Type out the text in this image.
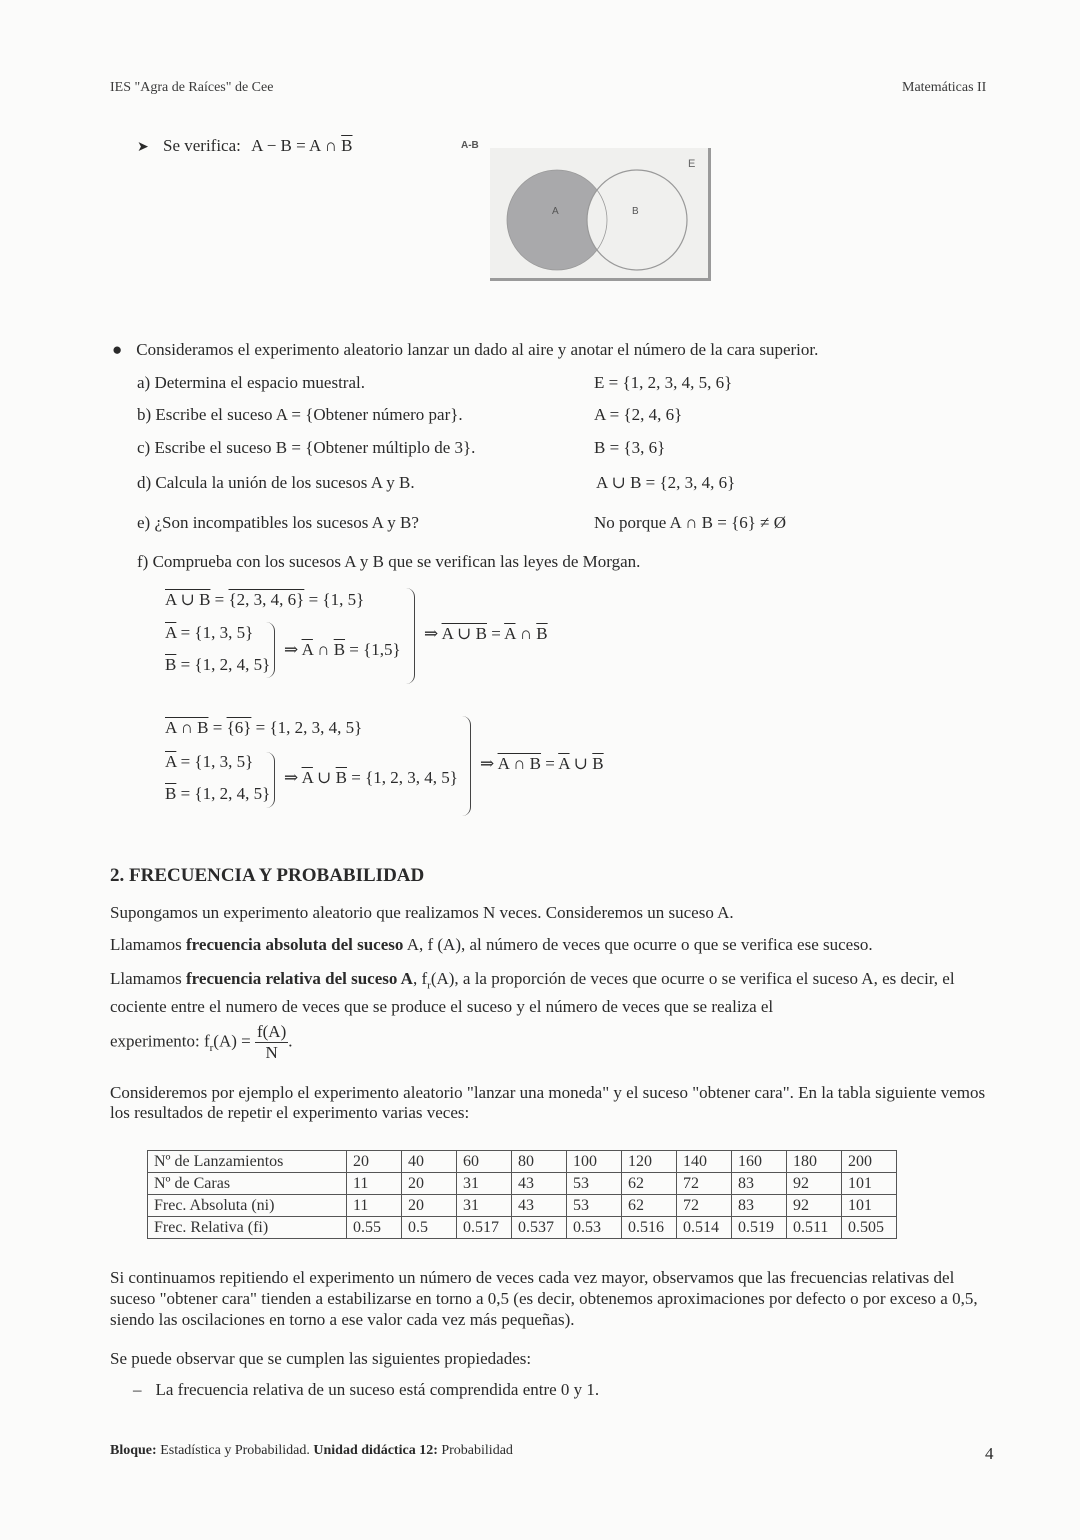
IES "Agra de Raíces" de Cee	Matemáticas II
➤ Se verifica: A − B = A ∩ $\overline{B}$	A-B
A	B
E
● Consideramos el experimento aleatorio lanzar un dado al aire y anotar el número de la cara superior.
a) Determina el espacio muestral.	E = {1, 2, 3, 4, 5, 6}
b) Escribe el suceso A = {Obtener número par}.	A = {2, 4, 6}
c) Escribe el suceso B = {Obtener múltiplo de 3}.	B = {3, 6}
d) Calcula la unión de los sucesos A y B.	A ∪ B = {2, 3, 4, 6}
e) ¿Son incompatibles los sucesos A y B?	No porque A ∩ B = {6} ≠ Ø
f) Comprueba con los sucesos A y B que se verifican las leyes de Morgan.
A ∪ B = {2, 3, 4, 6} = {1, 5}
$\overline{A} = \{1$, 3, 5}
$\overline{B} = \{1$, 2, 4, 5}
⇒ $\overline{A}$ ∩ $\overline{B} = \{1,5\}$
⇒ A ∪ $B = \overline{A}$ ∩ $\overline{B}$
A ∩ B = {6} = {1, 2, 3, 4, 5}
$\overline{A} = \{1$, 3, 5}
$\overline{B} = \{1$, 2, 4, 5}
⇒ $\overline{A}$ ∪ $\overline{B} = \{1$, 2, 3, 4, 5}
⇒ A ∩ $B = \overline{A}$ ∪ $\overline{B}$
2. FRECUENCIA Y PROBABILIDAD
Supongamos un experimento aleatorio que realizamos N veces. Consideremos un suceso A.
Llamamos frecuencia absoluta del suceso A, f (A), al número de veces que ocurre o que se verifica ese suceso.
Llamamos frecuencia relativa del suceso A, $f_r(A)$, a la proporción de veces que ocurre o se verifica el suceso A, es decir, el cociente entre el numero de veces que se produce el suceso y el número de veces que se realiza el
experimento: $f_r(A) = \frac{f(A)}{N}$ .
Consideremos por ejemplo el experimento aleatorio "lanzar una moneda" y el suceso "obtener cara". En la tabla siguiente vemos los resultados de repetir el experimento varias veces:
Nº de Lanzamientos	20	40	60	80	100	120	140	160	180	200
Nº de Caras	11	20	31	43	53	62	72	83	92	101
Frec. Absoluta (ni)	11	20	31	43	53	62	72	83	92	101
Frec. Relativa (fi)	0.55	0.5	0.517	0.537	0.53	0.516	0.514	0.519	0.511	0.505
Si continuamos repitiendo el experimento un número de veces cada vez mayor, observamos que las frecuencias relativas del suceso "obtener cara" tienden a estabilizarse en torno a 0,5 (es decir, obtenemos aproximaciones por defecto o por exceso a 0,5, siendo las oscilaciones en torno a ese valor cada vez más pequeñas).
Se puede observar que se cumplen las siguientes propiedades:
– La frecuencia relativa de un suceso está comprendida entre 0 y 1.
Bloque: Estadística y Probabilidad. Unidad didáctica 12: Probabilidad	4
